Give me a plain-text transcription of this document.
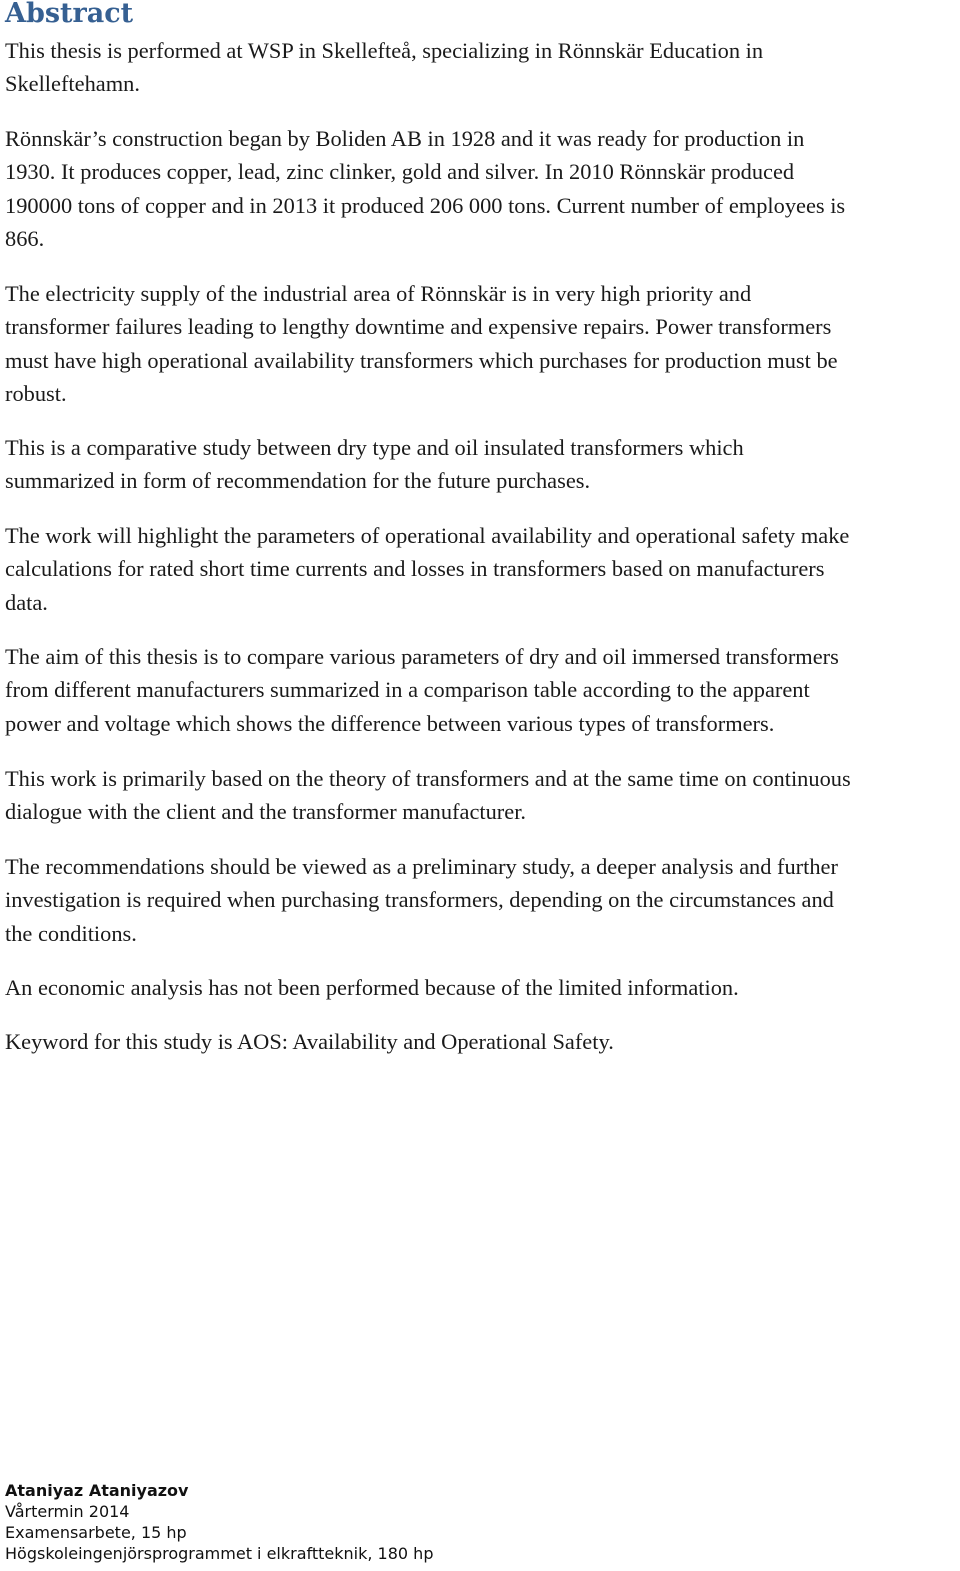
Abstract

This thesis is performed at WSP in Skellefteå, specializing in Rönnskär Education in
Skelleftehamn.

Rönnskär’s construction began by Boliden AB in 1928 and it was ready for production in
1930. It produces copper, lead, zinc clinker, gold and silver. In 2010 Rönnskär produced
190000 tons of copper and in 2013 it produced 206 000 tons. Current number of employees is
866.

The electricity supply of the industrial area of Rönnskär is in very high priority and
transformer failures leading to lengthy downtime and expensive repairs. Power transformers
must have high operational availability transformers which purchases for production must be
robust.

This is a comparative study between dry type and oil insulated transformers which
summarized in form of recommendation for the future purchases.

The work will highlight the parameters of operational availability and operational safety make
calculations for rated short time currents and losses in transformers based on manufacturers
data.

The aim of this thesis is to compare various parameters of dry and oil immersed transformers
from different manufacturers summarized in a comparison table according to the apparent
power and voltage which shows the difference between various types of transformers.

This work is primarily based on the theory of transformers and at the same time on continuous
dialogue with the client and the transformer manufacturer.

The recommendations should be viewed as a preliminary study, a deeper analysis and further
investigation is required when purchasing transformers, depending on the circumstances and
the conditions.

An economic analysis has not been performed because of the limited information.

Keyword for this study is AOS: Availability and Operational Safety.

Ataniyaz Ataniyazov
Vårtermin 2014
Examensarbete, 15 hp
Högskoleingenjörsprogrammet i elkraftteknik, 180 hp
